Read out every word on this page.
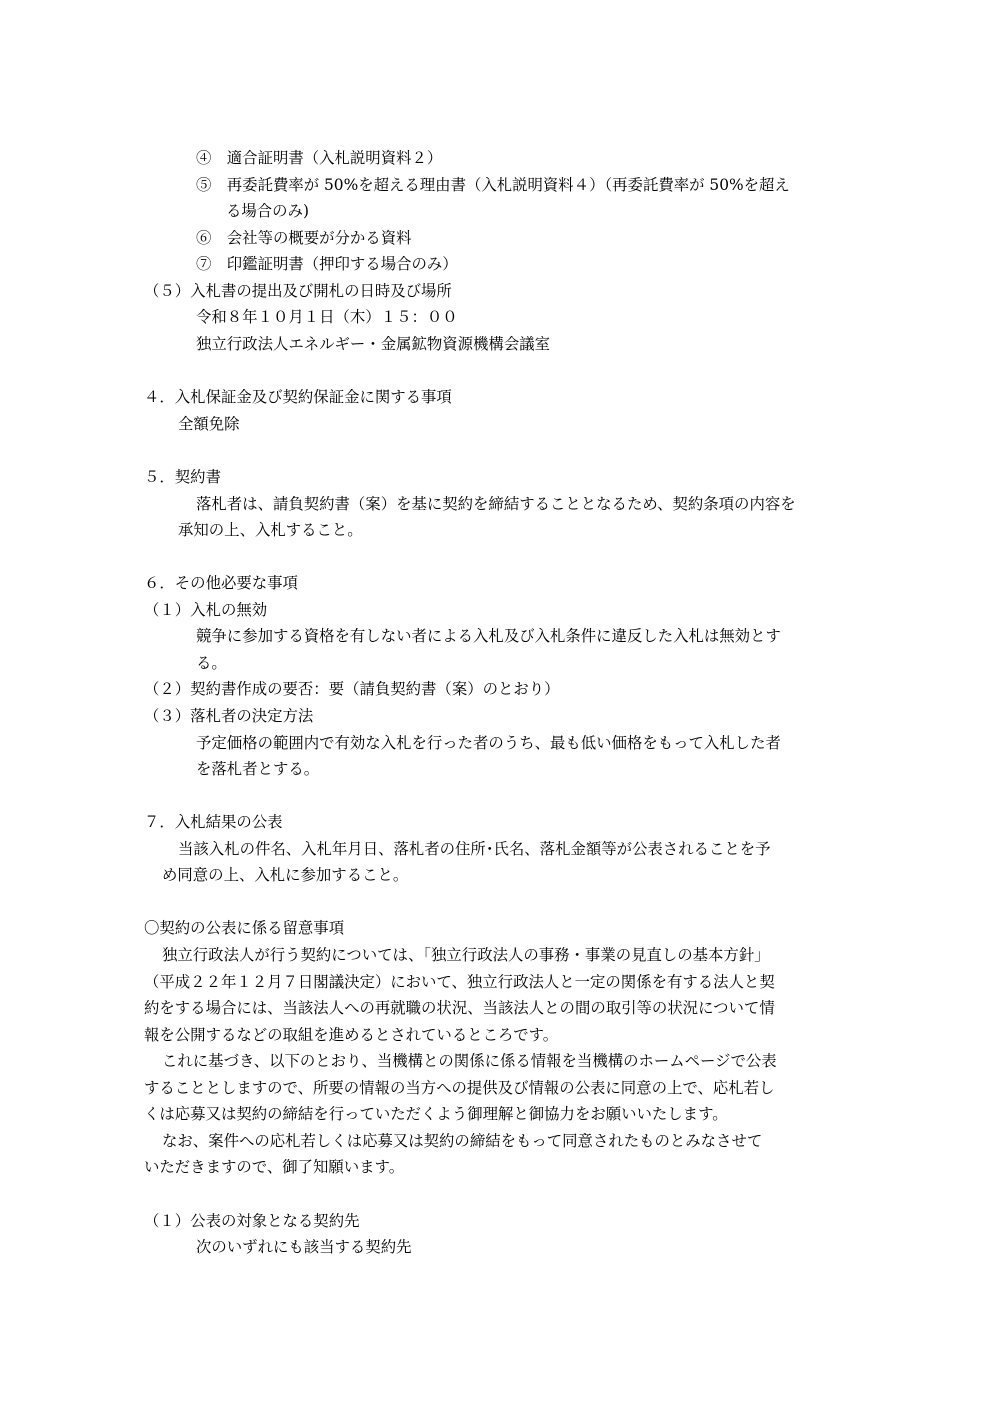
④　適合証明書（入札説明資料２）

⑤　再委託費率が 50%を超える理由書（入札説明資料４）（再委託費率が 50%を超え

る場合のみ)

⑥　会社等の概要が分かる資料

⑦　印鑑証明書（押印する場合のみ）

（５）入札書の提出及び開札の日時及び場所

令和８年１０月１日（木）１５：００

独立行政法人エネルギー・金属鉱物資源機構会議室

４．入札保証金及び契約保証金に関する事項

全額免除

５．契約書

落札者は、請負契約書（案）を基に契約を締結することとなるため、契約条項の内容を

承知の上、入札すること。

６．その他必要な事項

（１）入札の無効

競争に参加する資格を有しない者による入札及び入札条件に違反した入札は無効とす

る。

（２）契約書作成の要否：要（請負契約書（案）のとおり）

（３）落札者の決定方法

予定価格の範囲内で有効な入札を行った者のうち、最も低い価格をもって入札した者

を落札者とする。

７．入札結果の公表

当該入札の件名、入札年月日、落札者の住所･氏名、落札金額等が公表されることを予

め同意の上、入札に参加すること。

〇契約の公表に係る留意事項

独立行政法人が行う契約については、「独立行政法人の事務・事業の見直しの基本方針」

（平成２２年１２月７日閣議決定）において、独立行政法人と一定の関係を有する法人と契

約をする場合には、当該法人への再就職の状況、当該法人との間の取引等の状況について情

報を公開するなどの取組を進めるとされているところです。

これに基づき、以下のとおり、当機構との関係に係る情報を当機構のホームページで公表

することとしますので、所要の情報の当方への提供及び情報の公表に同意の上で、応札若し

くは応募又は契約の締結を行っていただくよう御理解と御協力をお願いいたします。

なお、案件への応札若しくは応募又は契約の締結をもって同意されたものとみなさせて

いただきますので、御了知願います。

（１）公表の対象となる契約先

次のいずれにも該当する契約先
